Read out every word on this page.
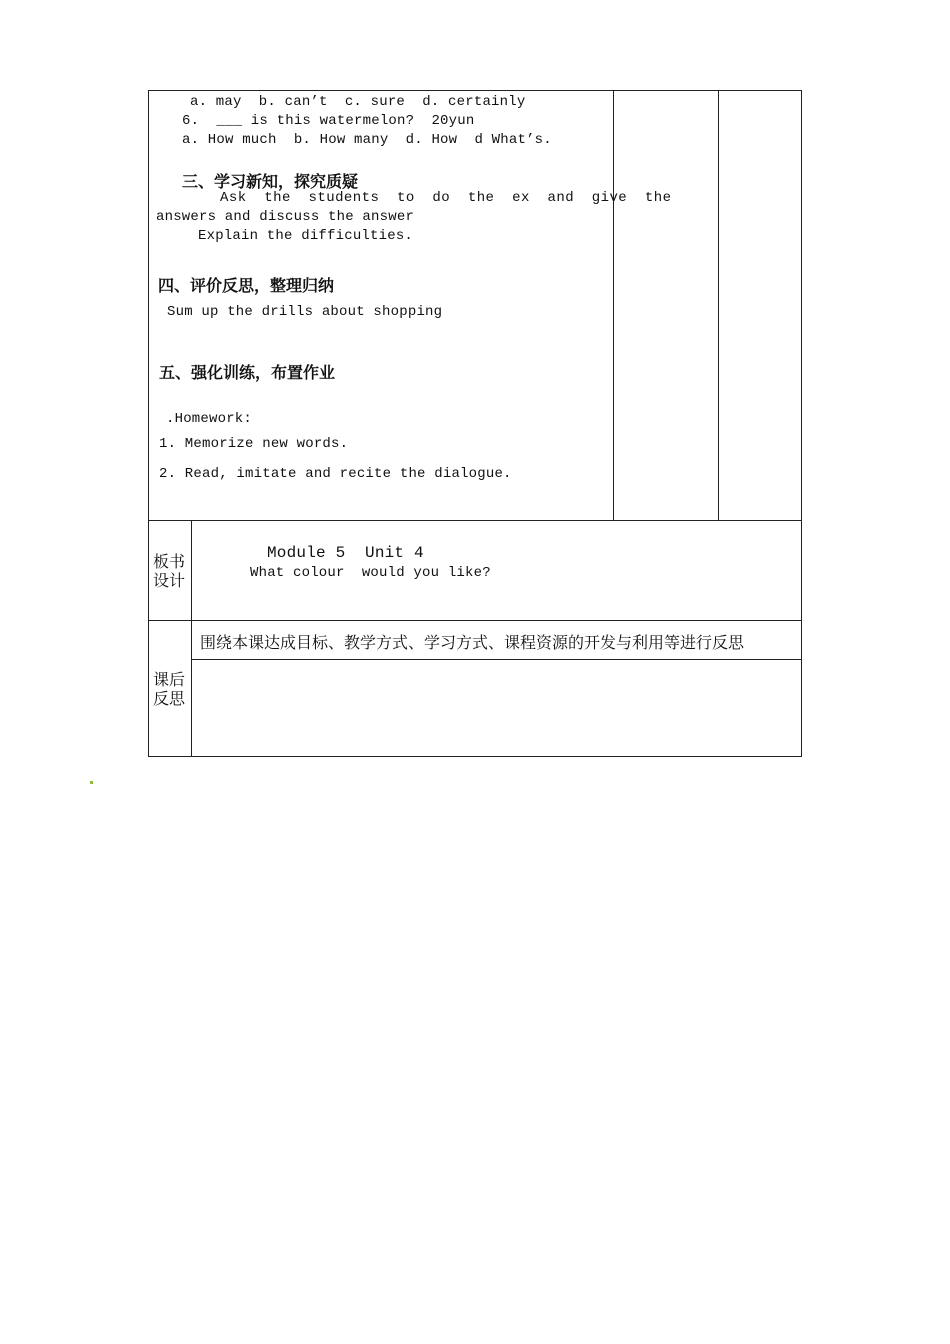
a. may  b. can’t  c. sure  d. certainly
6.  ___ is this watermelon?  20yun
a. How much  b. How many  d. How  d What’s.
三、学习新知，探究质疑
Ask  the  students  to  do  the  ex  and  give  the
answers and discuss the answer
Explain the difficulties.
四、评价反思，整理归纳
Sum up the drills about shopping
五、强化训练，布置作业
.Homework:
1. Memorize new words.
2. Read, imitate and recite the dialogue.
板书
设计
Module 5  Unit 4
What colour  would you like?
课后
反思
围绕本课达成目标、教学方式、学习方式、课程资源的开发与利用等进行反思
